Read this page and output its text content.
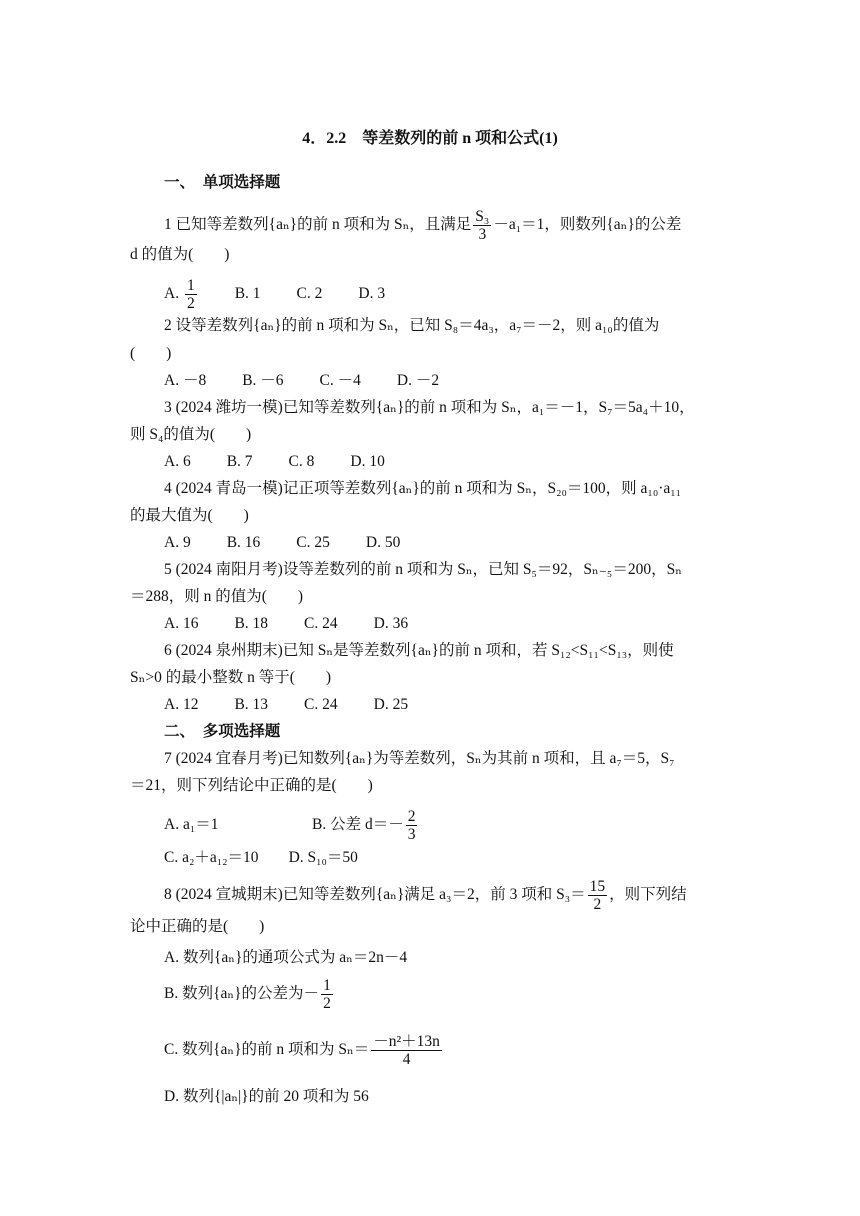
4．2.2　等差数列的前 n 项和公式(1)
一、　单项选择题
1 已知等差数列{aₙ}的前 n 项和为 Sₙ，且满足 $\frac{\text{S₃}}{3} -a_1=1$，则数列{aₙ}的公差
d 的值为(　　)
A. $\frac{1}{2} B$. 1 C. 2 D. 3
2 设等差数列{aₙ}的前 n 项和为 Sₙ，已知 S₈＝4a₃，a₇＝－2，则 a₁₀的值为
(　　)
A. －8 B. －6 C. －4 D. －2
3 (2024 潍坊一模)已知等差数列{aₙ}的前 n 项和为 Sₙ，a₁＝－1，S₇＝5a₄＋10，
则 S₄的值为(　　)
A. 6 B. 7 C. 8 D. 10
4 (2024 青岛一模)记正项等差数列{aₙ}的前 n 项和为 Sₙ，S₂₀＝100，则 a₁₀·a₁₁
的最大值为(　　)
A. 9 B. 16 C. 25 D. 50
5 (2024 南阳月考)设等差数列的前 n 项和为 Sₙ，已知 S₅＝92，Sₙ₋₅＝200，Sₙ
＝288，则 n 的值为(　　)
A. 16 B. 18 C. 24 D. 36
6 (2024 泉州期末)已知 Sₙ是等差数列{aₙ}的前 n 项和，若 S₁₂<S₁₁<S₁₃，则使
Sₙ>0 的最小整数 n 等于(　　)
A. 12 B. 13 C. 24 D. 25
二、　多项选择题
7 (2024 宜春月考)已知数列{aₙ}为等差数列，Sₙ为其前 n 项和，且 a₇＝5，S₇
＝21，则下列结论中正确的是(　　)
A. a₁＝1	B. 公差 $d=- \frac{2}{3}$
C. a₂＋a₁₂＝10 D. S₁₀＝50
8 (2024 宣城期末)已知等差数列{aₙ}满足 a₃＝2，前 3 项和 $S_3= \frac{15}{2}$ ，则下列结
论中正确的是(　　)
A. 数列{aₙ}的通项公式为 aₙ＝2n－4
B. 数列{aₙ}的公差为－ $\frac{1}{2}$
C. 数列{aₙ}的前 n 项和为 $S_n= \frac{\text{－n²＋13n}}{4}$
D. 数列{|aₙ|}的前 20 项和为 56
